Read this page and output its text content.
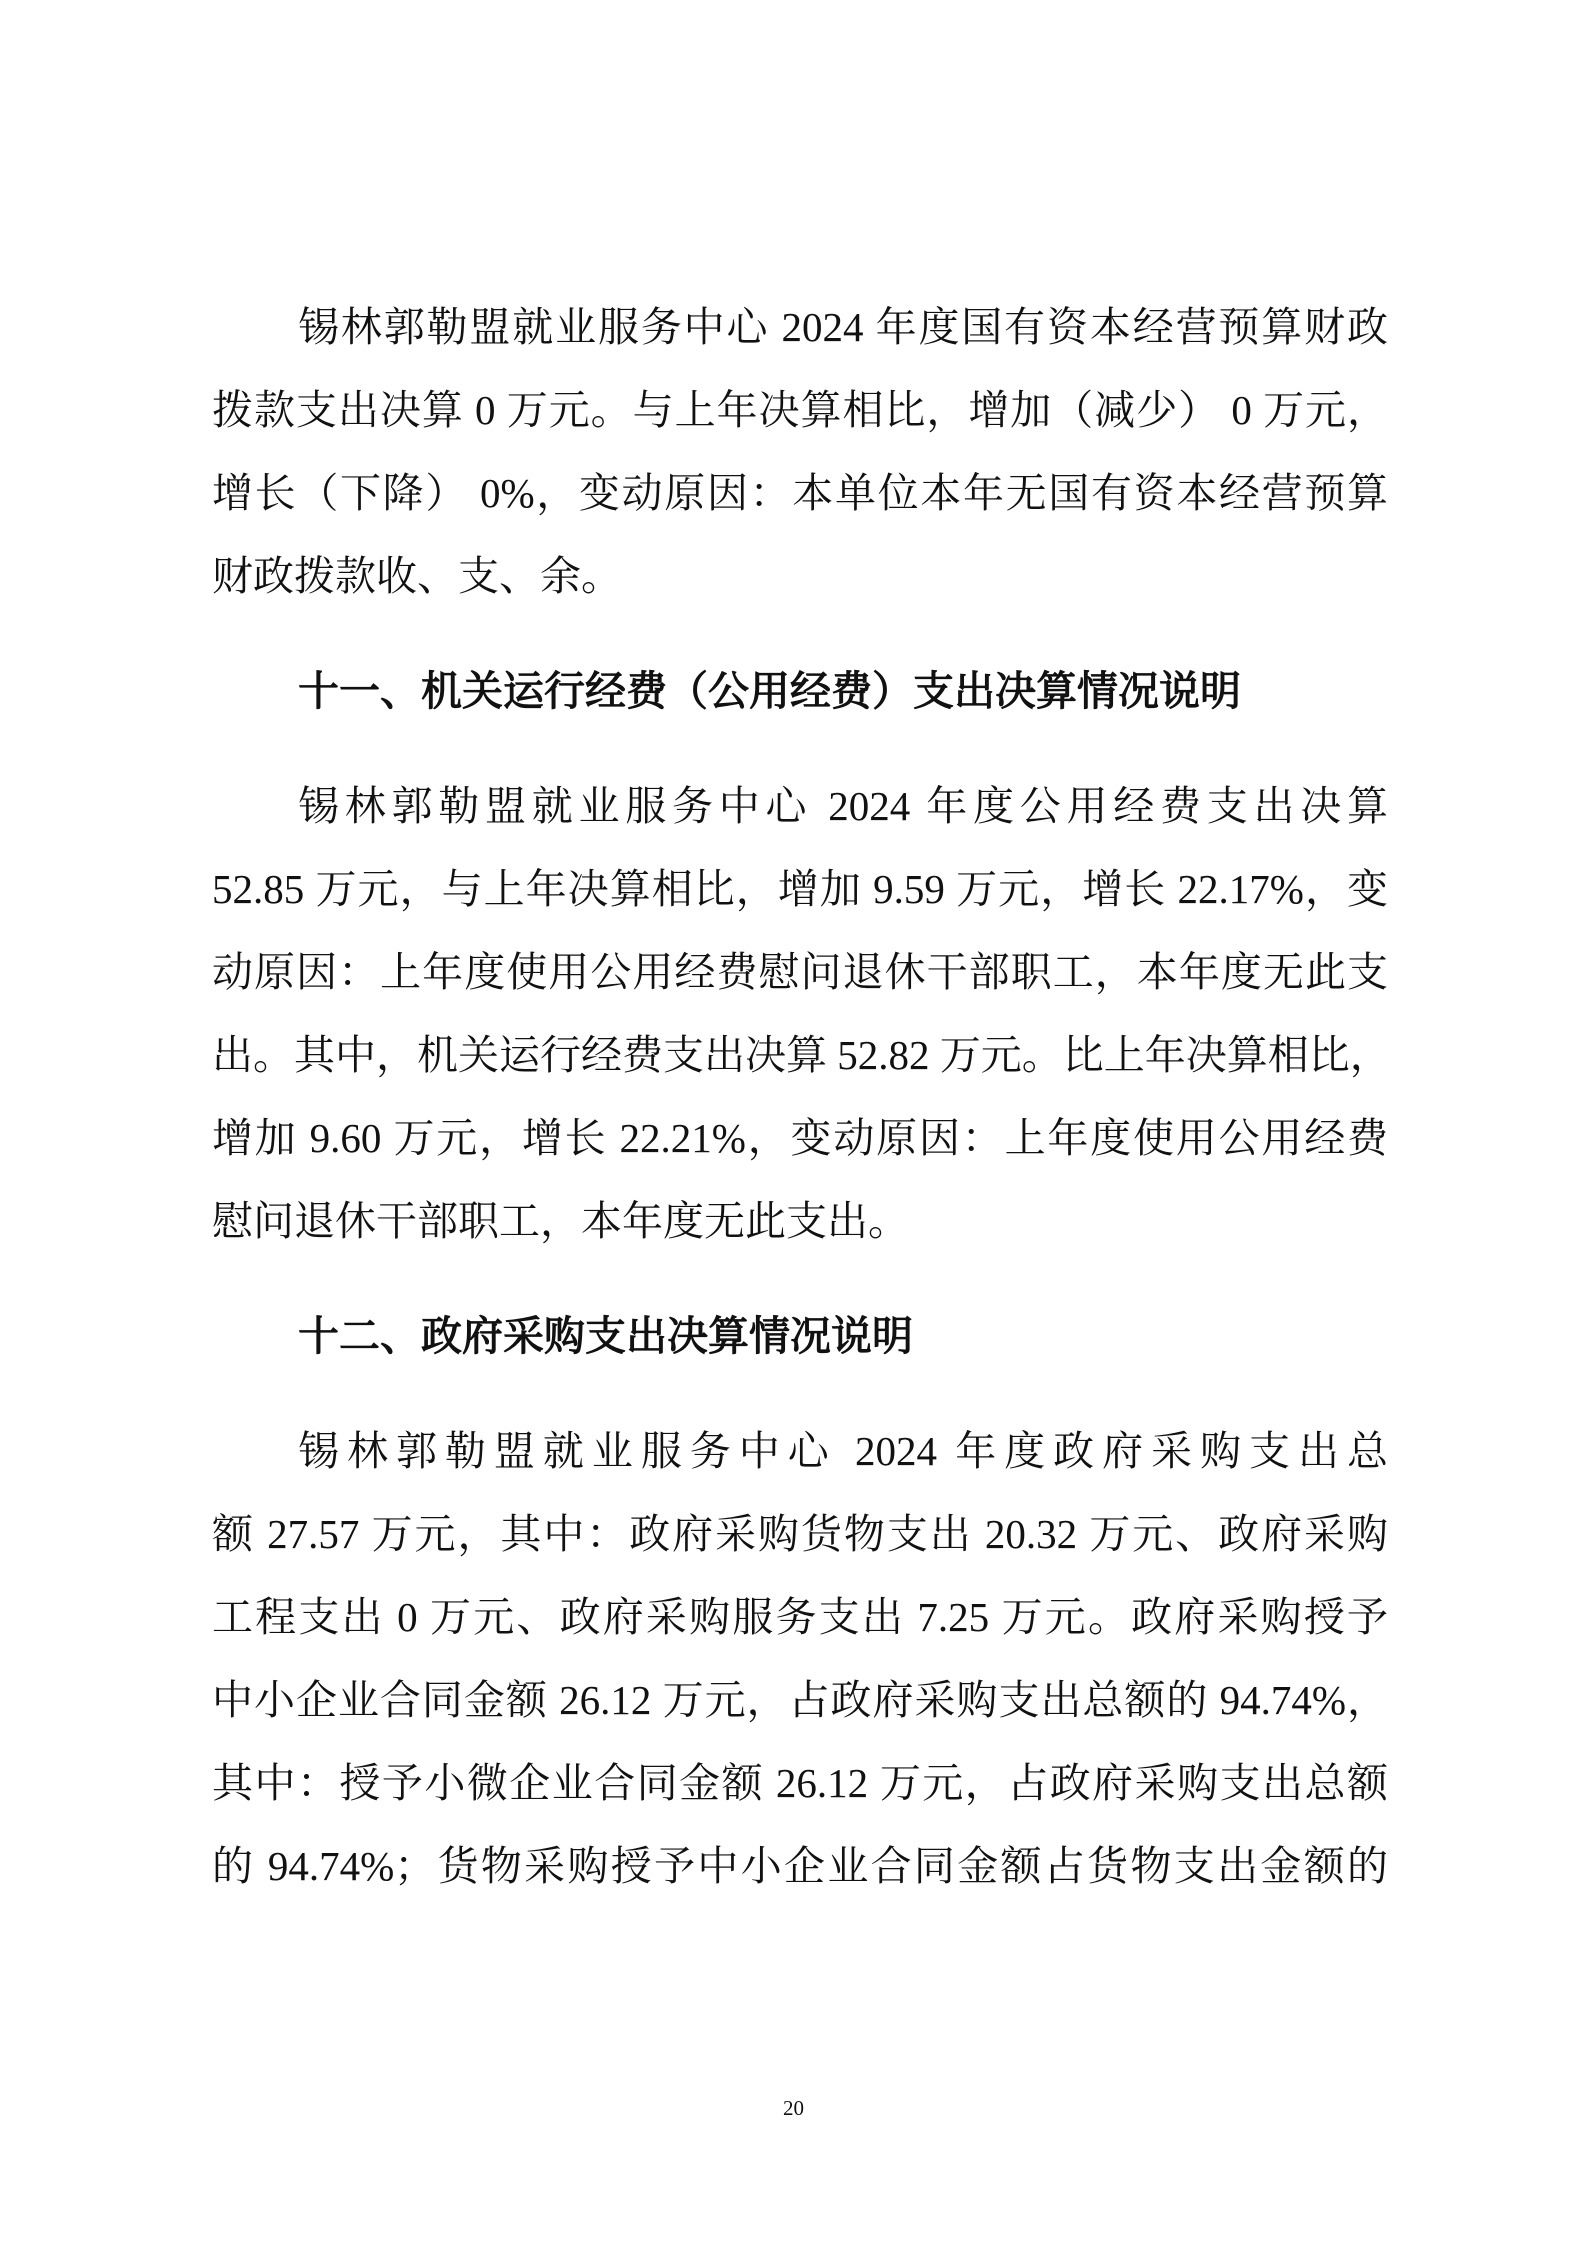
锡林郭勒盟就业服务中心 2024 年度国有资本经营预算财政
拨款支出决算 0 万元。与上年决算相比，增加（减少） 0 万元，
增长（下降） 0%，变动原因：本单位本年无国有资本经营预算
财政拨款收、支、余。
十一、机关运行经费（公用经费）支出决算情况说明
锡林郭勒盟就业服务中心 2024 年度公用经费支出决算
52.85 万元，与上年决算相比，增加 9.59 万元，增长 22.17%，变
动原因：上年度使用公用经费慰问退休干部职工，本年度无此支
出。其中，机关运行经费支出决算 52.82 万元。比上年决算相比，
增加 9.60 万元，增长 22.21%，变动原因：上年度使用公用经费
慰问退休干部职工，本年度无此支出。
十二、政府采购支出决算情况说明
锡林郭勒盟就业服务中心 2024 年度政府采购支出总
额 27.57 万元，其中：政府采购货物支出 20.32 万元、政府采购
工程支出 0 万元、政府采购服务支出 7.25 万元。政府采购授予
中小企业合同金额 26.12 万元，占政府采购支出总额的 94.74%，
其中：授予小微企业合同金额 26.12 万元，占政府采购支出总额
的 94.74%；货物采购授予中小企业合同金额占货物支出金额的
20
